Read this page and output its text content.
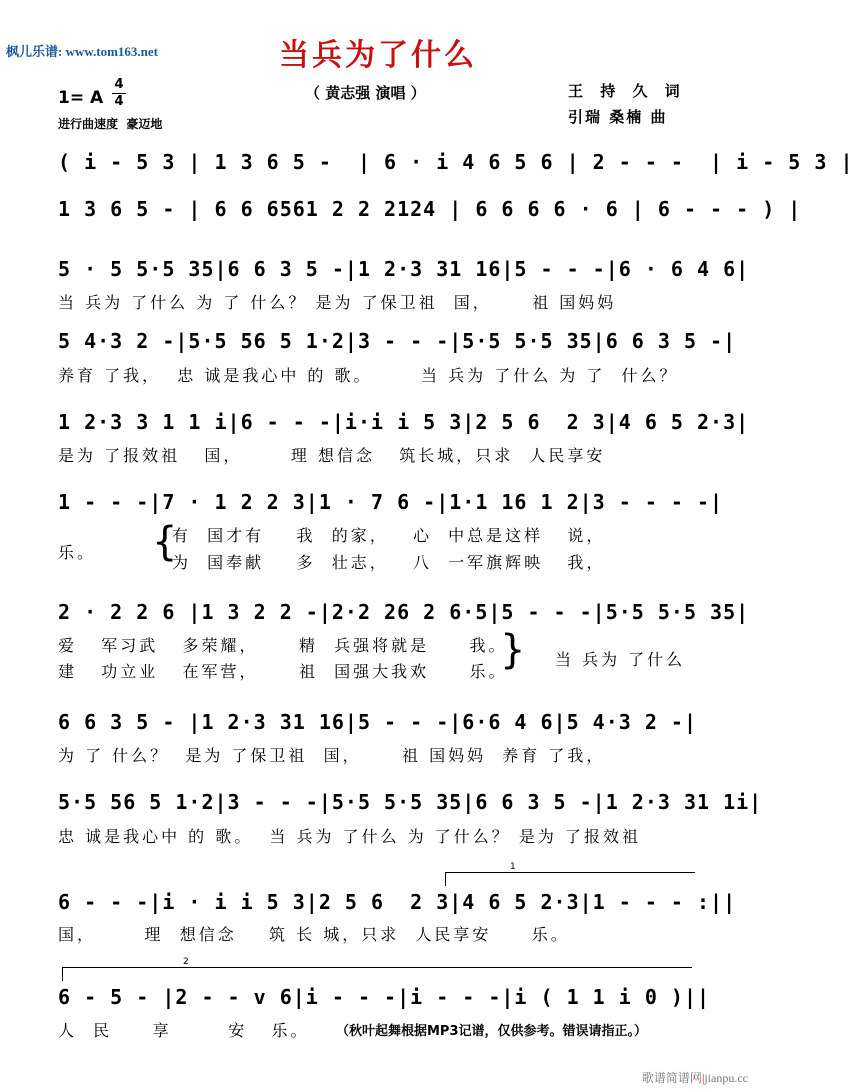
枫儿乐谱: www.tom163.net	当兵为了什么
1= A
4
4	（ 黄志强 演唱 ）	王 持 久 词
引瑞 桑楠 曲
进行曲速度  豪迈地
( i - 5 3 | 1 3 6 5 -  | 6 · i 4 6 5 6 | 2 - - -  | i - 5 3 |
1 3 6 5 - | 6 6 6561 2 2 2124 | 6 6 6 6 · 6 | 6 - - - ) |
5 · 5 5·5 35|6 6 3 5 -|1 2·3 31 16|5 - - -|6 · 6 4 6|
当 兵为 了什么 为 了 什么？ 是为 了保卫祖  国，     祖 国妈妈
5 4·3 2 -|5·5 56 5 1·2|3 - - -|5·5 5·5 35|6 6 3 5 -|
养育 了我，  忠 诚是我心中 的 歌。      当 兵为 了什么 为 了  什么？
1 2·3 3 1 1 i|6 - - -|i·i i 5 3|2 5 6  2 3|4 6 5 2·3|
是为 了报效祖   国，      理 想信念   筑长城，只求  人民享安
1 - - -|7 · 1 2 2 3|1 · 7 6 -|1·1 16 1 2|3 - - - -|
乐。 {
有  国才有    我  的家，   心  中总是这样   说，
为  国奉献    多  壮志，   八  一军旗辉映   我，
2 · 2 2 6 |1 3 2 2 -|2·2 26 2 6·5|5 - - -|5·5 5·5 35|
爱   军习武   多荣耀，     精  兵强将就是     我。
建   功立业   在军营，     祖  国强大我欢     乐。
} 当 兵为 了什么
6 6 3 5 - |1 2·3 31 16|5 - - -|6·6 4 6|5 4·3 2 -|
为 了 什么？  是为 了保卫祖  国，     祖 国妈妈  养育 了我，
5·5 56 5 1·2|3 - - -|5·5 5·5 35|6 6 3 5 -|1 2·3 31 1i|
忠 诚是我心中 的 歌。  当 兵为 了什么 为 了什么？ 是为 了报效祖
1
6 - - -|i · i i 5 3|2 5 6  2 3|4 6 5 2·3|1 - - - :||
国，      理  想信念    筑 长 城，只求  人民享安     乐。
2
6 - 5 - |2 - - v 6|i - - -|i - - -|i ( 1 1 i 0 )||
人  民     享       安   乐。 （秋叶起舞根据MP3记谱，仅供参考。错误请指正。）
歌谱简谱网|jianpu.cc
